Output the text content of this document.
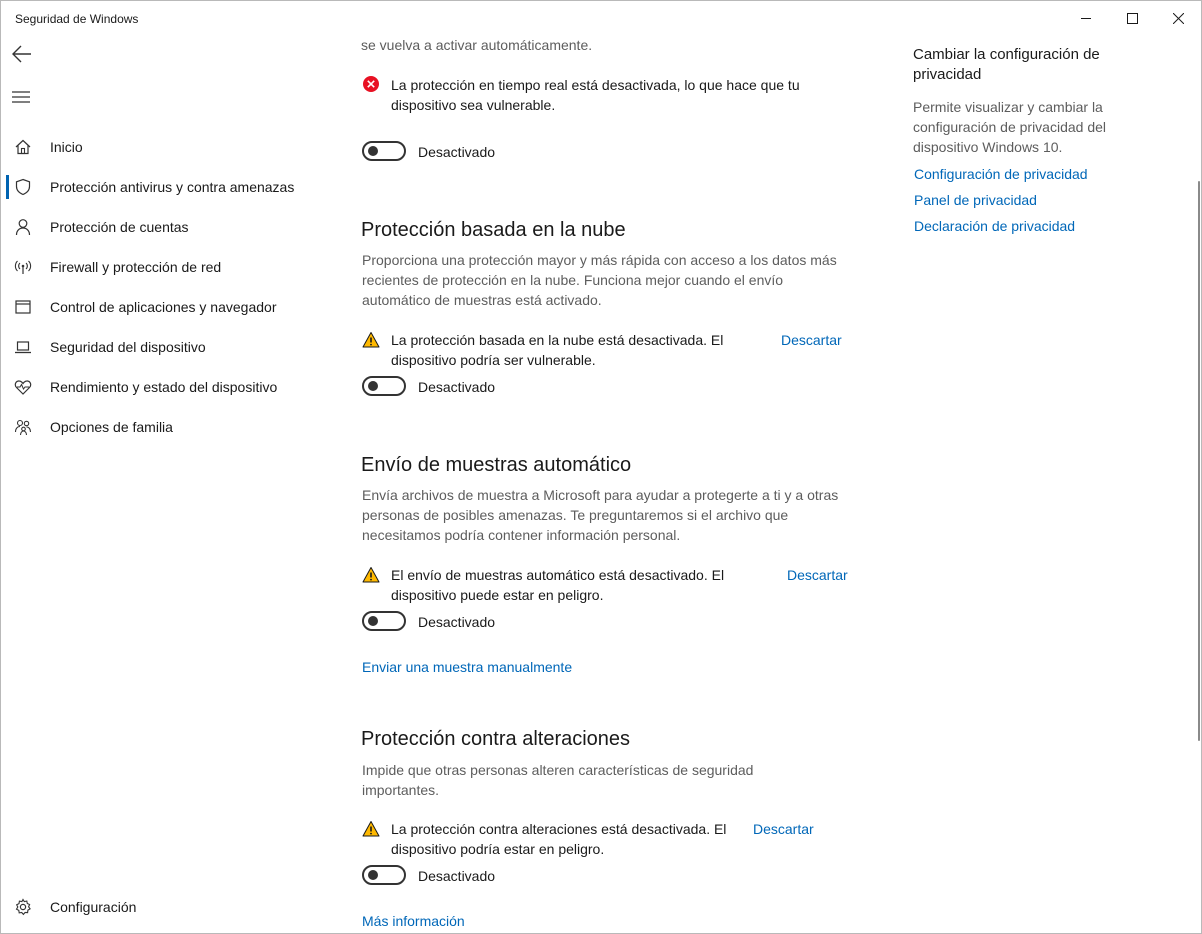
Seguridad de Windows
Inicio
Protección antivirus y contra amenazas
Protección de cuentas
Firewall y protección de red
Control de aplicaciones y navegador
Seguridad del dispositivo
Rendimiento y estado del dispositivo
Opciones de familia
Configuración
se vuelva a activar automáticamente.
La protección en tiempo real está desactivada, lo que hace que tu dispositivo sea vulnerable.
Desactivado
Protección basada en la nube
Proporciona una protección mayor y más rápida con acceso a los datos más recientes de protección en la nube. Funciona mejor cuando el envío automático de muestras está activado.
La protección basada en la nube está desactivada. El dispositivo podría ser vulnerable.
Descartar
Desactivado
Envío de muestras automático
Envía archivos de muestra a Microsoft para ayudar a protegerte a ti y a otras personas de posibles amenazas. Te preguntaremos si el archivo que necesitamos podría contener información personal.
El envío de muestras automático está desactivado. El dispositivo puede estar en peligro.
Descartar
Desactivado
Enviar una muestra manualmente
Protección contra alteraciones
Impide que otras personas alteren características de seguridad importantes.
La protección contra alteraciones está desactivada. El dispositivo podría estar en peligro.
Descartar
Desactivado
Más información
Cambiar la configuración de privacidad
Permite visualizar y cambiar la configuración de privacidad del dispositivo Windows 10.
Configuración de privacidad
Panel de privacidad
Declaración de privacidad
